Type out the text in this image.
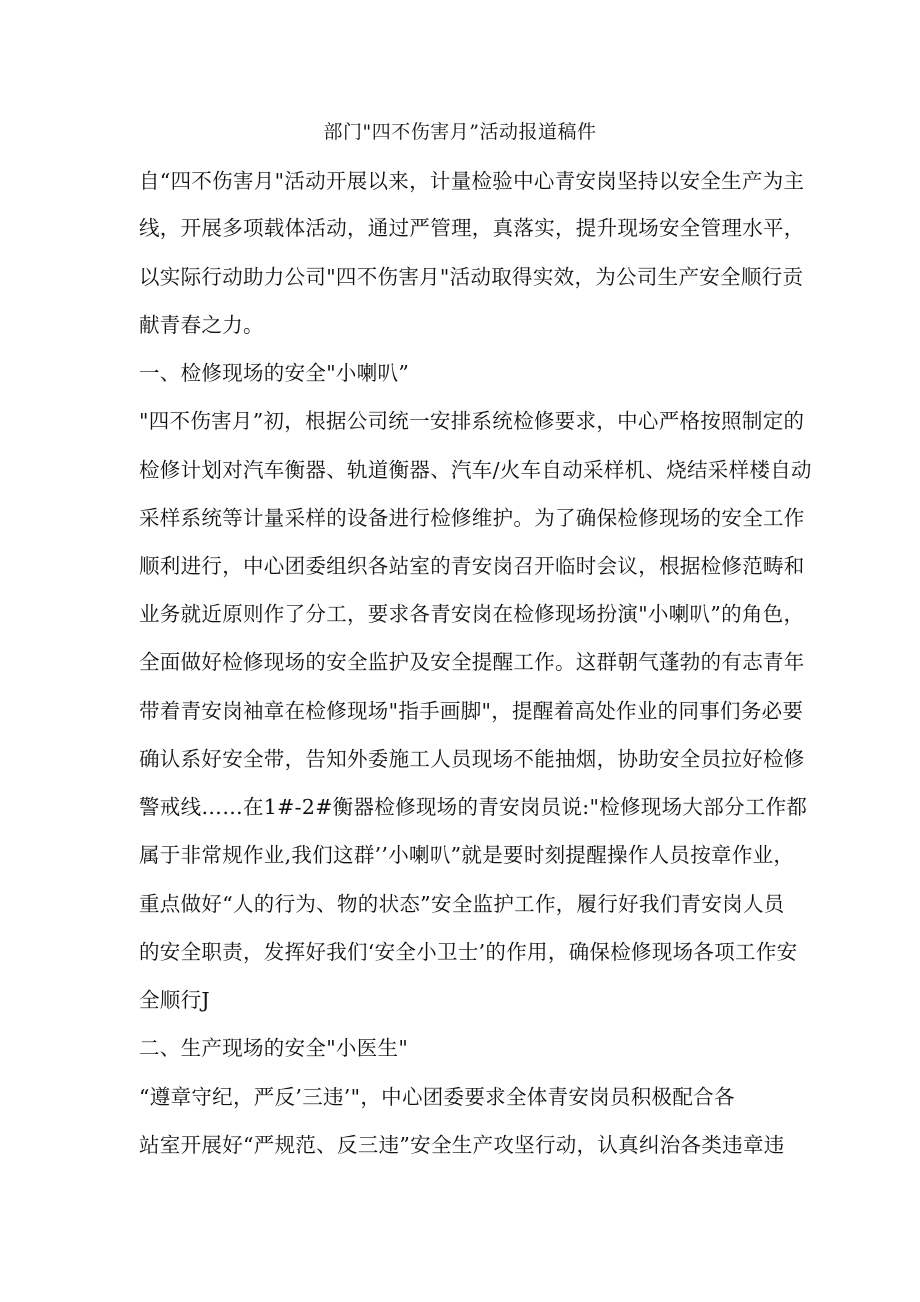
部门"四不伤害月”活动报道稿件
自“四不伤害月"活动开展以来，计量检验中心青安岗坚持以安全生产为主
线，开展多项载体活动，通过严管理，真落实，提升现场安全管理水平，
以实际行动助力公司"四不伤害月"活动取得实效，为公司生产安全顺行贡
献青春之力。
一、检修现场的安全"小喇叭”
"四不伤害月”初，根据公司统一安排系统检修要求，中心严格按照制定的
检修计划对汽车衡器、轨道衡器、汽车/火车自动采样机、烧结采样楼自动
采样系统等计量采样的设备进行检修维护。为了确保检修现场的安全工作
顺利进行，中心团委组织各站室的青安岗召开临时会议，根据检修范畴和
业务就近原则作了分工，要求各青安岗在检修现场扮演"小喇叭”的角色，
全面做好检修现场的安全监护及安全提醒工作。这群朝气蓬勃的有志青年
带着青安岗袖章在检修现场"指手画脚"，提醒着高处作业的同事们务必要
确认系好安全带，告知外委施工人员现场不能抽烟，协助安全员拉好检修
警戒线……在1#-2#衡器检修现场的青安岗员说:"检修现场大部分工作都
属于非常规作业,我们这群’’小喇叭”就是要时刻提醒操作人员按章作业，
重点做好“人的行为、物的状态”安全监护工作，履行好我们青安岗人员
的安全职责，发挥好我们‘安全小卫士’的作用，确保检修现场各项工作安
全顺行J
二、生产现场的安全"小医生"
“遵章守纪，严反’三违’"，中心团委要求全体青安岗员积极配合各
站室开展好“严规范、反三违”安全生产攻坚行动，认真纠治各类违章违
